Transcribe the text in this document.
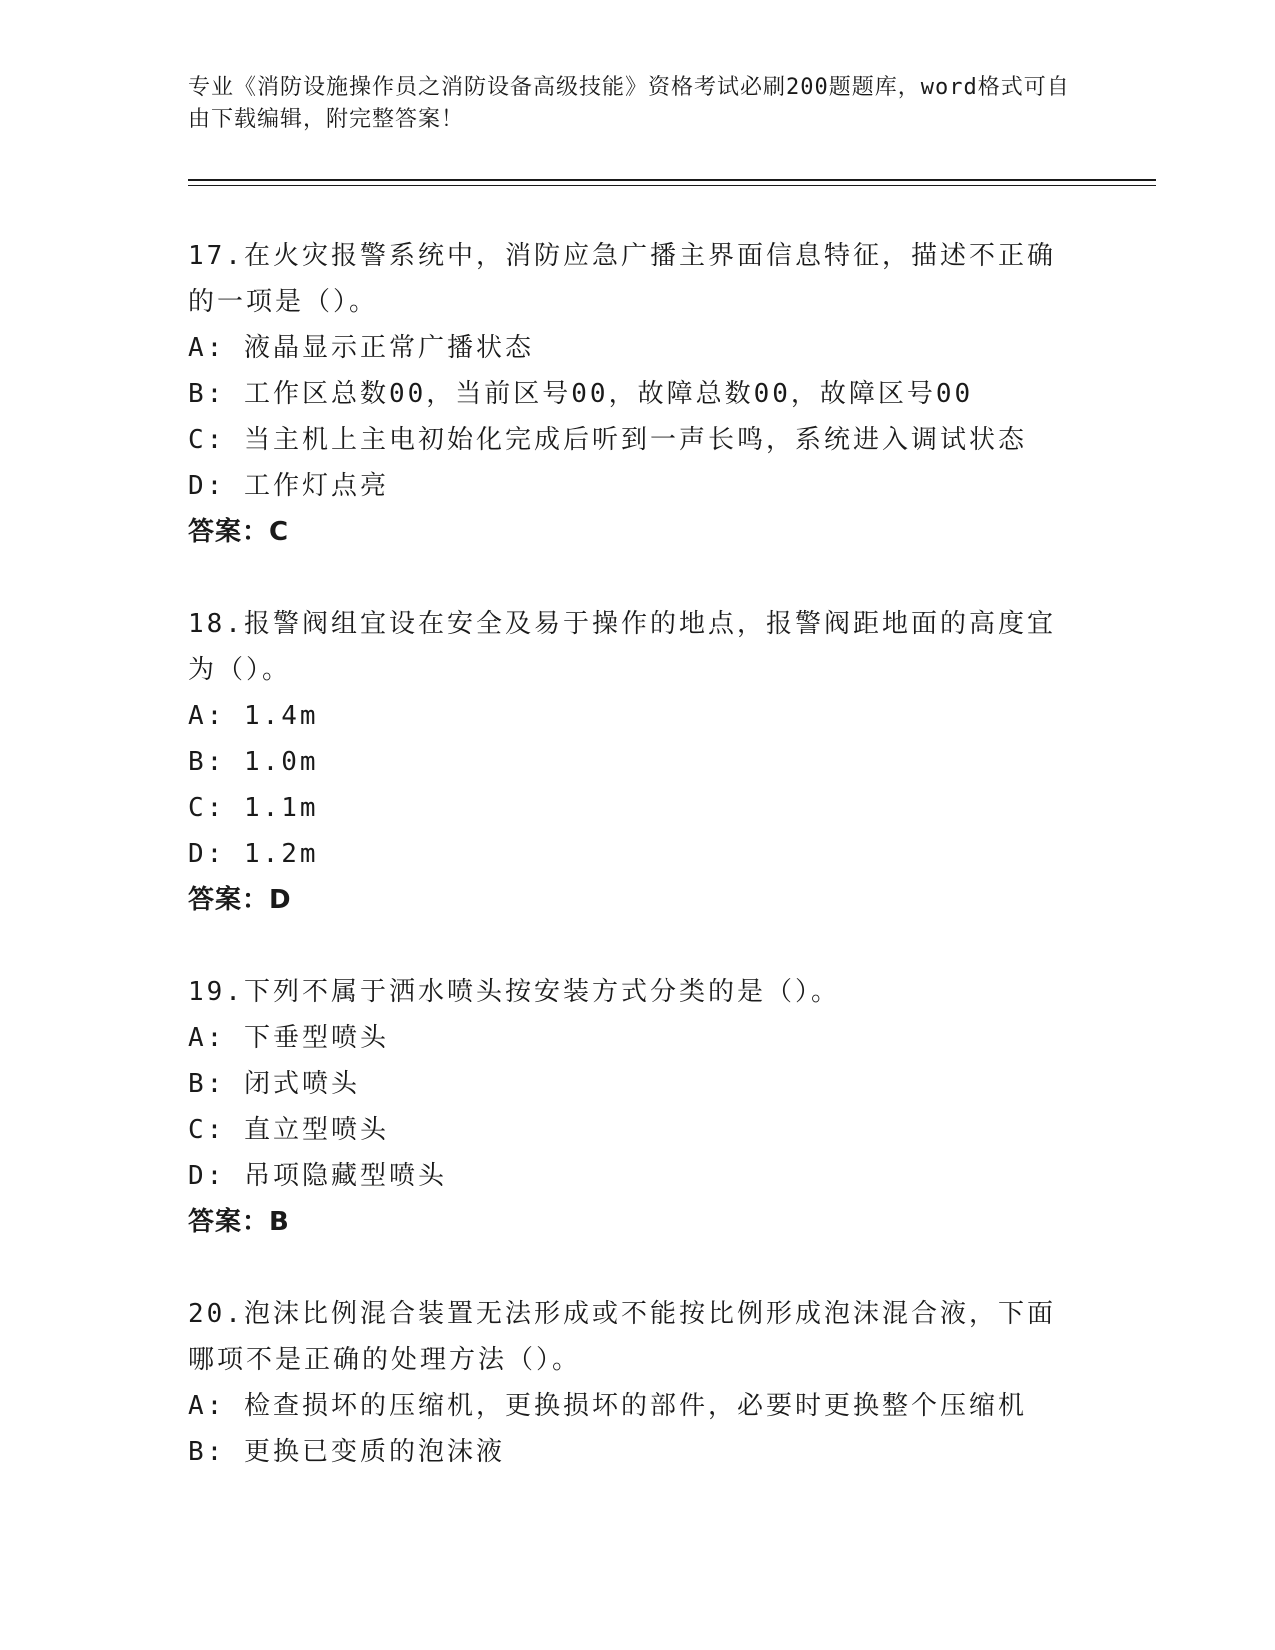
专业《消防设施操作员之消防设备高级技能》资格考试必刷200题题库，word格式可自由下载编辑，附完整答案！
17.在火灾报警系统中，消防应急广播主界面信息特征，描述不正确的一项是（）。
A: 液晶显示正常广播状态
B: 工作区总数00，当前区号00，故障总数00，故障区号00
C: 当主机上主电初始化完成后听到一声长鸣，系统进入调试状态
D: 工作灯点亮
答案：C
18.报警阀组宜设在安全及易于操作的地点，报警阀距地面的高度宜为（）。
A: 1.4m
B: 1.0m
C: 1.1m
D: 1.2m
答案：D
19.下列不属于洒水喷头按安装方式分类的是（）。
A: 下垂型喷头
B: 闭式喷头
C: 直立型喷头
D: 吊项隐藏型喷头
答案：B
20.泡沫比例混合装置无法形成或不能按比例形成泡沫混合液，下面哪项不是正确的处理方法（）。
A: 检查损坏的压缩机，更换损坏的部件，必要时更换整个压缩机
B: 更换已变质的泡沫液
